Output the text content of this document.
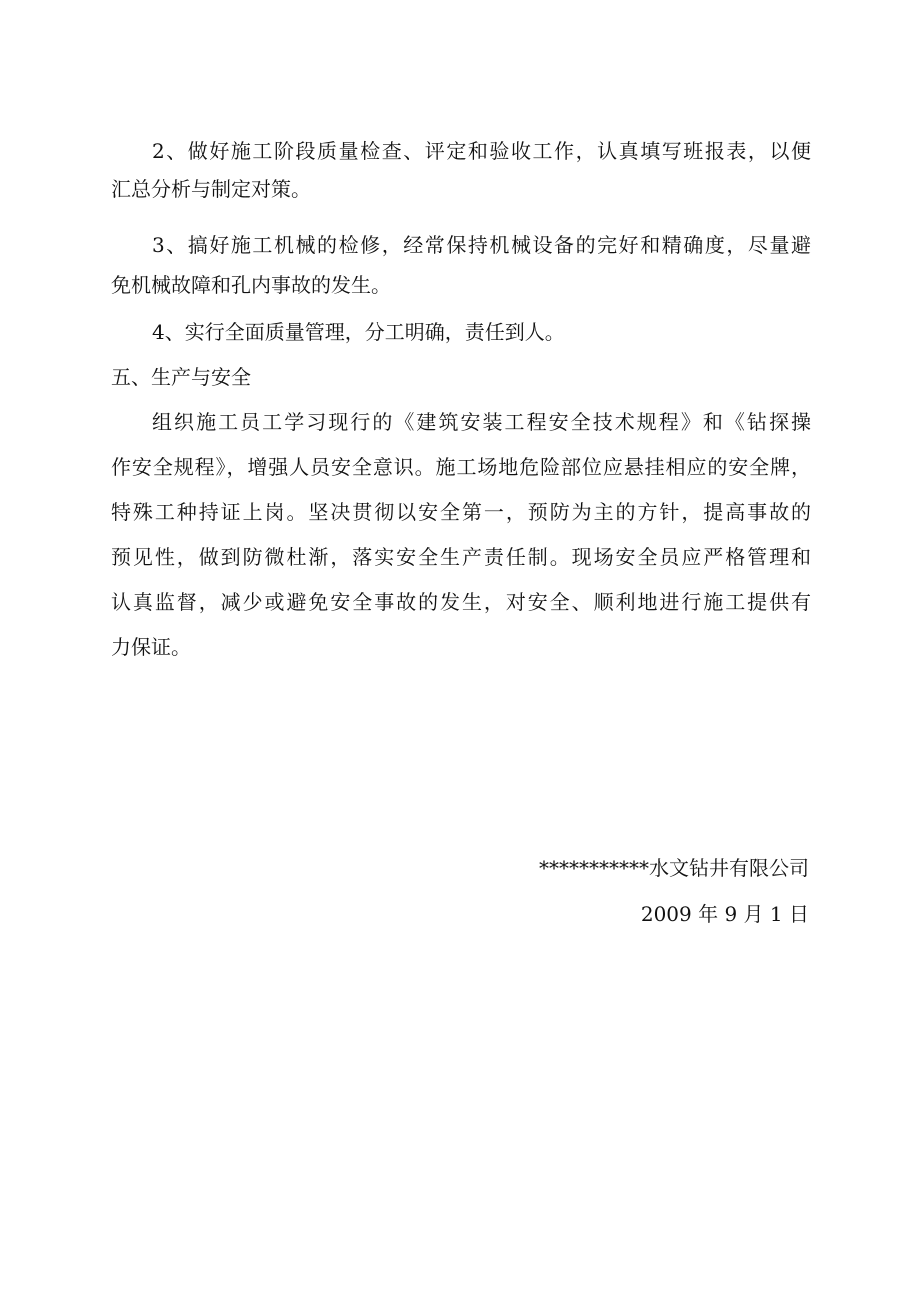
2、做好施工阶段质量检查、评定和验收工作，认真填写班报表，以便
汇总分析与制定对策。
3、搞好施工机械的检修，经常保持机械设备的完好和精确度，尽量避
免机械故障和孔内事故的发生。
4、实行全面质量管理，分工明确，责任到人。
五、生产与安全
组织施工员工学习现行的《建筑安装工程安全技术规程》和《钻探操
作安全规程》，增强人员安全意识。施工场地危险部位应悬挂相应的安全牌，
特殊工种持证上岗。坚决贯彻以安全第一，预防为主的方针，提高事故的
预见性，做到防微杜渐，落实安全生产责任制。现场安全员应严格管理和
认真监督，减少或避免安全事故的发生，对安全、顺利地进行施工提供有
力保证。
***********水文钻井有限公司
2009 年 9 月 1 日
